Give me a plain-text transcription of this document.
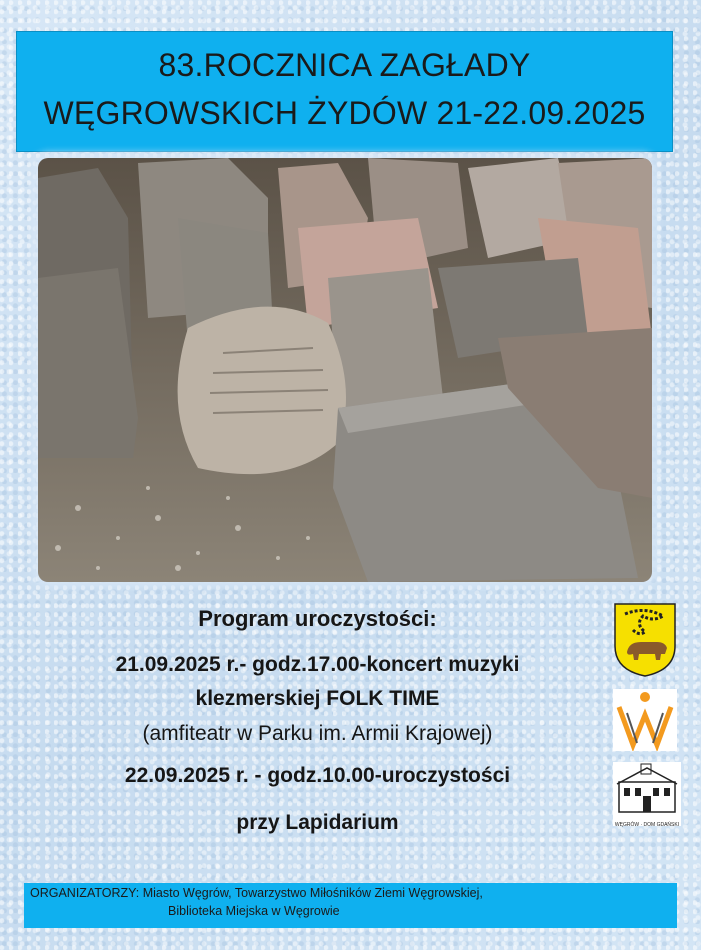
83.ROCZNICA ZAGŁADY
WĘGROWSKICH ŻYDÓW 21-22.09.2025
Program uroczystości:
21.09.2025 r.- godz.17.00-koncert muzyki
klezmerskiej FOLK TIME
(amfiteatr w Parku im. Armii Krajowej)
22.09.2025 r. - godz.10.00-uroczystości
przy Lapidarium	WĘGRÓW · DOM GDAŃSKI
ORGANIZATORZY: Miasto Węgrów, Towarzystwo Miłośników Ziemi Węgrowskiej,
Biblioteka Miejska w Węgrowie
